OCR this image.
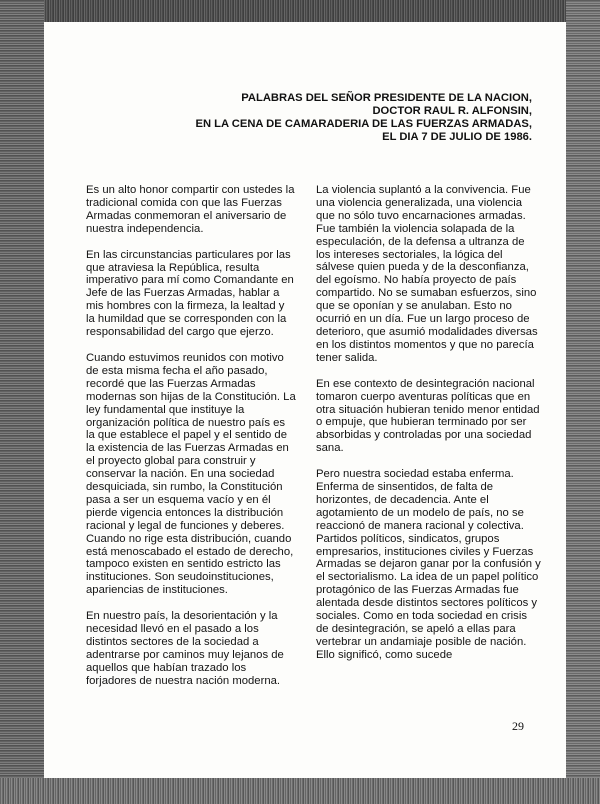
PALABRAS DEL SEÑOR PRESIDENTE DE LA NACION,
DOCTOR RAUL R. ALFONSIN,
EN LA CENA DE CAMARADERIA DE LAS FUERZAS ARMADAS,
EL DIA 7 DE JULIO DE 1986.

Es un alto honor compartir con ustedes la tradicional comida con que las Fuerzas Armadas conmemoran el aniversario de nuestra independencia.

En las circunstancias particulares por las que atraviesa la República, resulta imperativo para mí como Comandante en Jefe de las Fuerzas Armadas, hablar a mis hombres con la firmeza, la lealtad y la humildad que se corresponden con la responsabilidad del cargo que ejerzo.

Cuando estuvimos reunidos con motivo de esta misma fecha el año pasado, recordé que las Fuerzas Armadas modernas son hijas de la Constitución. La ley fundamental que instituye la organización política de nuestro país es la que establece el papel y el sentido de la existencia de las Fuerzas Armadas en el proyecto global para construir y conservar la nación. En una sociedad desquiciada, sin rumbo, la Constitución pasa a ser un esquema vacío y en él pierde vigencia entonces la distribución racional y legal de funciones y deberes. Cuando no rige esta distribución, cuando está menoscabado el estado de derecho, tampoco existen en sentido estricto las instituciones. Son seudoinstituciones, apariencias de instituciones.

En nuestro país, la desorientación y la necesidad llevó en el pasado a los distintos sectores de la sociedad a adentrarse por caminos muy lejanos de aquellos que habían trazado los forjadores de nuestra nación moderna.

La violencia suplantó a la convivencia. Fue una violencia generalizada, una violencia que no sólo tuvo encarnaciones armadas. Fue también la violencia solapada de la especulación, de la defensa a ultranza de los intereses sectoriales, la lógica del sálvese quien pueda y de la desconfianza, del egoísmo. No había proyecto de país compartido. No se sumaban esfuerzos, sino que se oponían y se anulaban. Esto no ocurrió en un día. Fue un largo proceso de deterioro, que asumió modalidades diversas en los distintos momentos y que no parecía tener salida.

En ese contexto de desintegración nacional tomaron cuerpo aventuras políticas que en otra situación hubieran tenido menor entidad o empuje, que hubieran terminado por ser absorbidas y controladas por una sociedad sana.

Pero nuestra sociedad estaba enferma. Enferma de sinsentidos, de falta de horizontes, de decadencia. Ante el agotamiento de un modelo de país, no se reaccionó de manera racional y colectiva. Partidos políticos, sindicatos, grupos empresarios, instituciones civiles y Fuerzas Armadas se dejaron ganar por la confusión y el sectorialismo. La idea de un papel político protagónico de las Fuerzas Armadas fue alentada desde distintos sectores políticos y sociales. Como en toda sociedad en crisis de desintegración, se apeló a ellas para vertebrar un andamiaje posible de nación. Ello significó, como sucede

29
